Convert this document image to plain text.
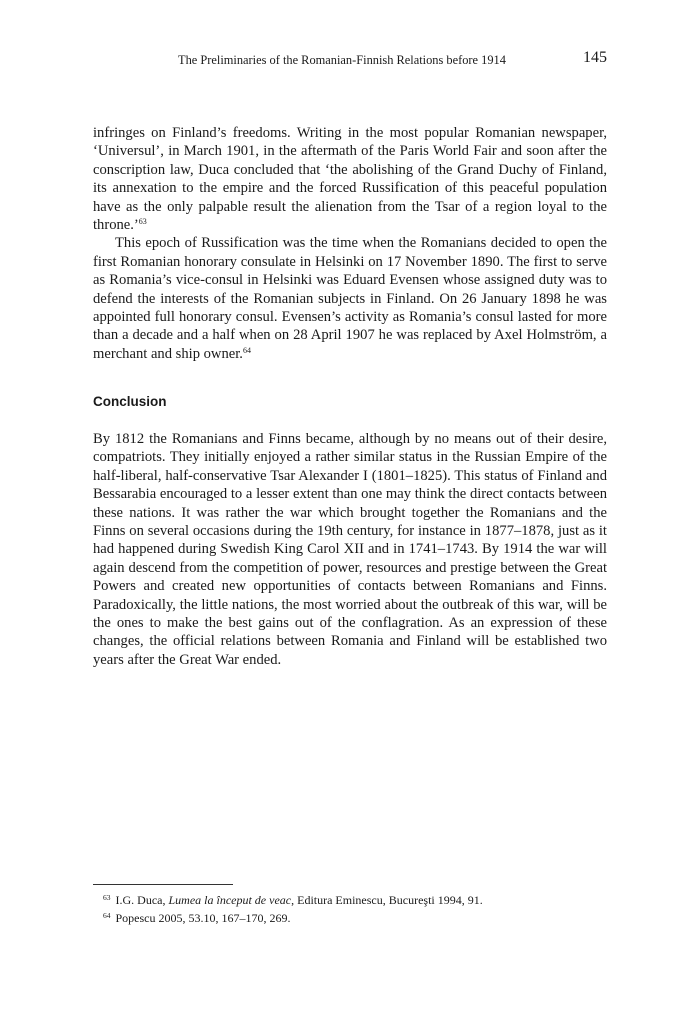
The Preliminaries of the Romanian-Finnish Relations before 1914	145

infringes on Finland’s freedoms. Writing in the most popular Romanian newspaper, ‘Universul’, in March 1901, in the aftermath of the Paris World Fair and soon after the conscription law, Duca concluded that ‘the abolishing of the Grand Duchy of Finland, its annexation to the empire and the forced Russification of this peaceful population have as the only palpable result the alienation from the Tsar of a region loyal to the throne.’$^{63}$

This epoch of Russification was the time when the Romanians decided to open the first Romanian honorary consulate in Helsinki on 17 November 1890. The first to serve as Romania’s vice-consul in Helsinki was Eduard Evensen whose assigned duty was to defend the interests of the Romanian subjects in Finland. On 26 January 1898 he was appointed full honorary consul. Evensen’s activity as Romania’s consul lasted for more than a decade and a half when on 28 April 1907 he was replaced by Axel Holmström, a merchant and ship owner.$^{64}$

Conclusion

By 1812 the Romanians and Finns became, although by no means out of their desire, compatriots. They initially enjoyed a rather similar status in the Russian Empire of the half-liberal, half-conservative Tsar Alexander I (1801–1825). This status of Finland and Bessarabia encouraged to a lesser extent than one may think the direct contacts between these nations. It was rather the war which brought together the Romanians and the Finns on several occasions during the 19th century, for instance in 1877–1878, just as it had happened during Swedish King Carol XII and in 1741–1743. By 1914 the war will again descend from the competition of power, resources and prestige between the Great Powers and created new opportunities of contacts between Romanians and Finns. Paradoxically, the little nations, the most worried about the outbreak of this war, will be the ones to make the best gains out of the conflagration. As an expression of these changes, the official relations between Romania and Finland will be established two years after the Great War ended.

$^{63}$ I.G. Duca, Lumea la început de veac, Editura Eminescu, Bucureşti 1994, 91.
$^{64}$ Popescu 2005, 53.10, 167–170, 269.
